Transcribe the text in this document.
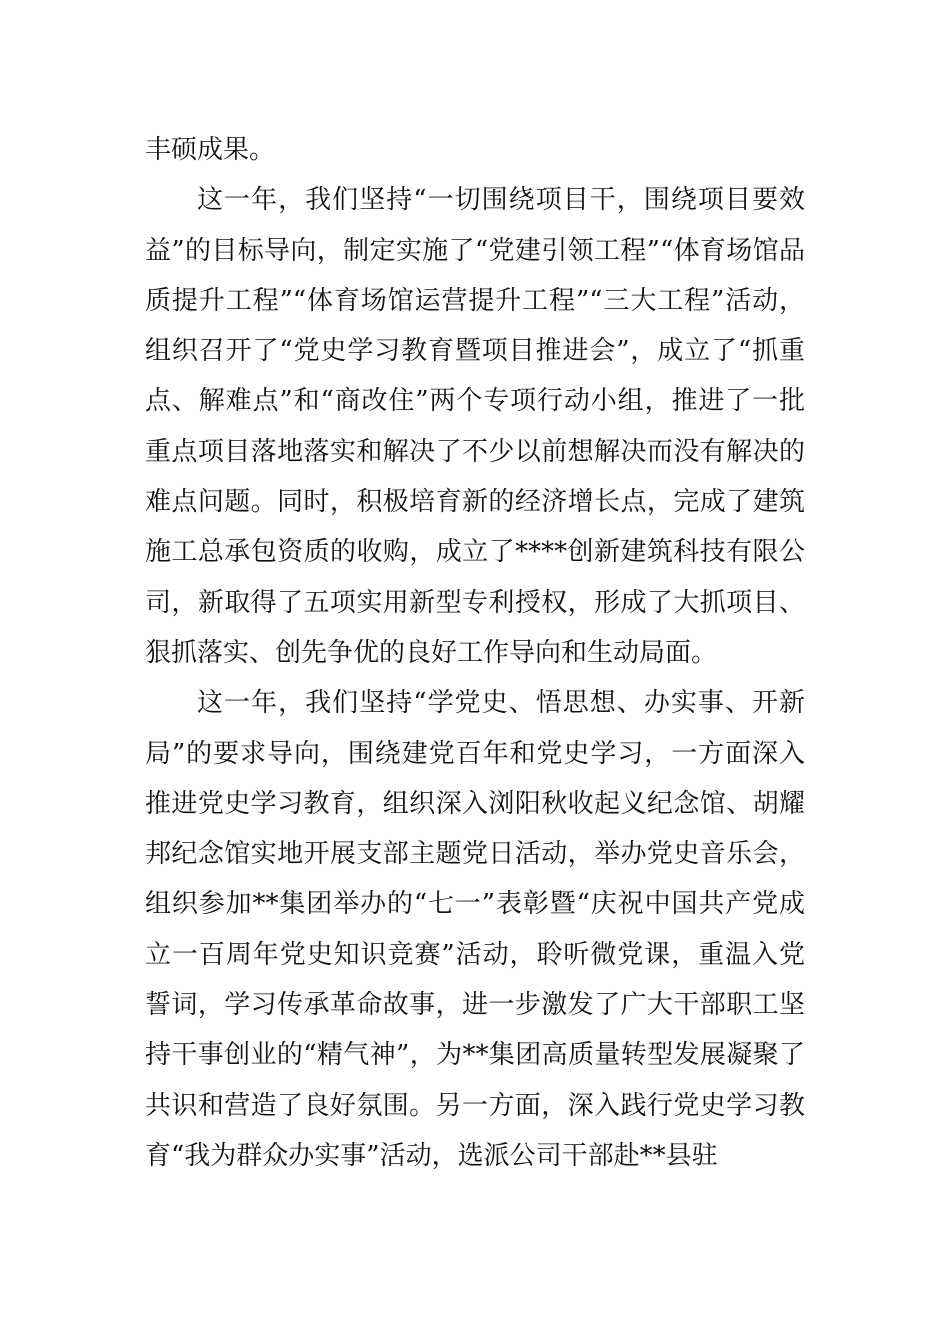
丰硕成果。

这一年，我们坚持“一切围绕项目干，围绕项目要效益”的目标导向，制定实施了“党建引领工程”“体育场馆品质提升工程”“体育场馆运营提升工程”“三大工程”活动，组织召开了“党史学习教育暨项目推进会”，成立了“抓重点、解难点”和“商改住”两个专项行动小组，推进了一批重点项目落地落实和解决了不少以前想解决而没有解决的难点问题。同时，积极培育新的经济增长点，完成了建筑施工总承包资质的收购，成立了****创新建筑科技有限公司，新取得了五项实用新型专利授权，形成了大抓项目、狠抓落实、创先争优的良好工作导向和生动局面。

这一年，我们坚持“学党史、悟思想、办实事、开新局”的要求导向，围绕建党百年和党史学习，一方面深入推进党史学习教育，组织深入浏阳秋收起义纪念馆、胡耀邦纪念馆实地开展支部主题党日活动，举办党史音乐会，组织参加**集团举办的“七一”表彰暨“庆祝中国共产党成立一百周年党史知识竞赛”活动，聆听微党课，重温入党誓词，学习传承革命故事，进一步激发了广大干部职工坚持干事创业的“精气神”，为**集团高质量转型发展凝聚了共识和营造了良好氛围。另一方面，深入践行党史学习教育“我为群众办实事”活动，选派公司干部赴**县驻
